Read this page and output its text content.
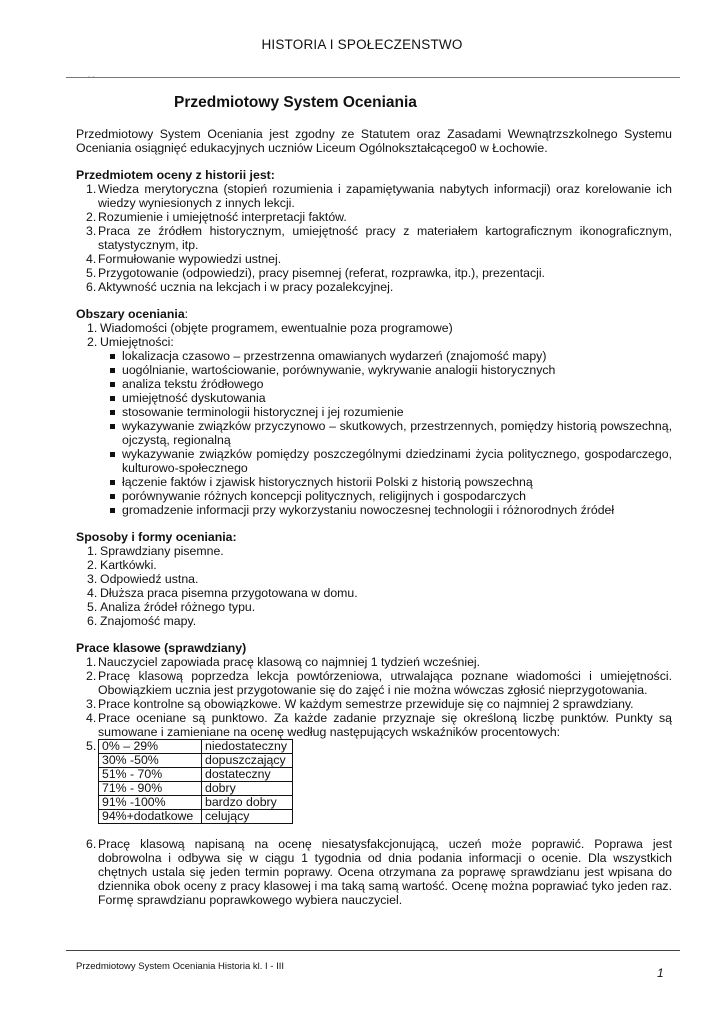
HISTORIA I SPOŁECZENSTWO
Przedmiotowy System Oceniania

Przedmiotowy System Oceniania jest zgodny ze Statutem oraz Zasadami Wewnątrzszkolnego Systemu Oceniania osiągnięć edukacyjnych uczniów Liceum Ogólnokształcącego0 w Łochowie.

Przedmiotem oceny z historii jest:

1. Wiedza merytoryczna (stopień rozumienia i zapamiętywania nabytych informacji) oraz korelowanie ich wiedzy wyniesionych z innych lekcji.
2. Rozumienie i umiejętność interpretacji faktów.
3. Praca ze źródłem historycznym, umiejętność pracy z materiałem kartograficznym ikonograficznym, statystycznym, itp.
4. Formułowanie wypowiedzi ustnej.
5. Przygotowanie (odpowiedzi), pracy pisemnej (referat, rozprawka, itp.), prezentacji.
6. Aktywność ucznia na lekcjach i w pracy pozalekcyjnej.

Obszary oceniania:

1. Wiadomości (objęte programem, ewentualnie poza programowe)
2. Umiejętności:
lokalizacja czasowo – przestrzenna omawianych wydarzeń (znajomość mapy)
uogólnianie, wartościowanie, porównywanie, wykrywanie analogii historycznych
analiza tekstu źródłowego
umiejętność dyskutowania
stosowanie terminologii historycznej i jej rozumienie
wykazywanie związków przyczynowo – skutkowych, przestrzennych, pomiędzy historią powszechną, ojczystą, regionalną
wykazywanie związków pomiędzy poszczególnymi dziedzinami życia politycznego, gospodarczego, kulturowo-społecznego
łączenie faktów i zjawisk historycznych historii Polski z historią powszechną
porównywanie różnych koncepcji politycznych, religijnych i gospodarczych
gromadzenie informacji przy wykorzystaniu nowoczesnej technologii i różnorodnych źródeł

Sposoby i formy oceniania:

1. Sprawdziany pisemne.
2. Kartkówki.
3. Odpowiedź ustna.
4. Dłuższa praca pisemna przygotowana w domu.
5. Analiza źródeł różnego typu.
6. Znajomość mapy.

Prace klasowe (sprawdziany)

1. Nauczyciel zapowiada pracę klasową co najmniej 1 tydzień wcześniej.
2. Pracę klasową poprzedza lekcja powtórzeniowa, utrwalająca poznane wiadomości i umiejętności. Obowiązkiem ucznia jest przygotowanie się do zajęć i nie można wówczas zgłosić nieprzygotowania.
3. Prace kontrolne są obowiązkowe. W każdym semestrze przewiduje się co najmniej 2 sprawdziany.
4. Prace oceniane są punktowo. Za każde zadanie przyznaje się określoną liczbę punktów. Punkty są sumowane i zamieniane na ocenę według następujących wskaźników procentowych:
5. 0% – 29%	niedostateczny
30% -50%	dopuszczający
51% - 70%	dostateczny
71% - 90%	dobry
91% -100%	bardzo dobry
94%+dodatkowe	celujący
6. Pracę klasową napisaną na ocenę niesatysfakcjonującą, uczeń może poprawić. Poprawa jest dobrowolna i odbywa się w ciągu 1 tygodnia od dnia podania informacji o ocenie. Dla wszystkich chętnych ustala się jeden termin poprawy. Ocena otrzymana za poprawę sprawdzianu jest wpisana do dziennika obok oceny z pracy klasowej i ma taką samą wartość. Ocenę można poprawiać tyko jeden raz. Formę sprawdzianu poprawkowego wybiera nauczyciel.
Przedmiotowy System Oceniania Historia kl. I - III	1
